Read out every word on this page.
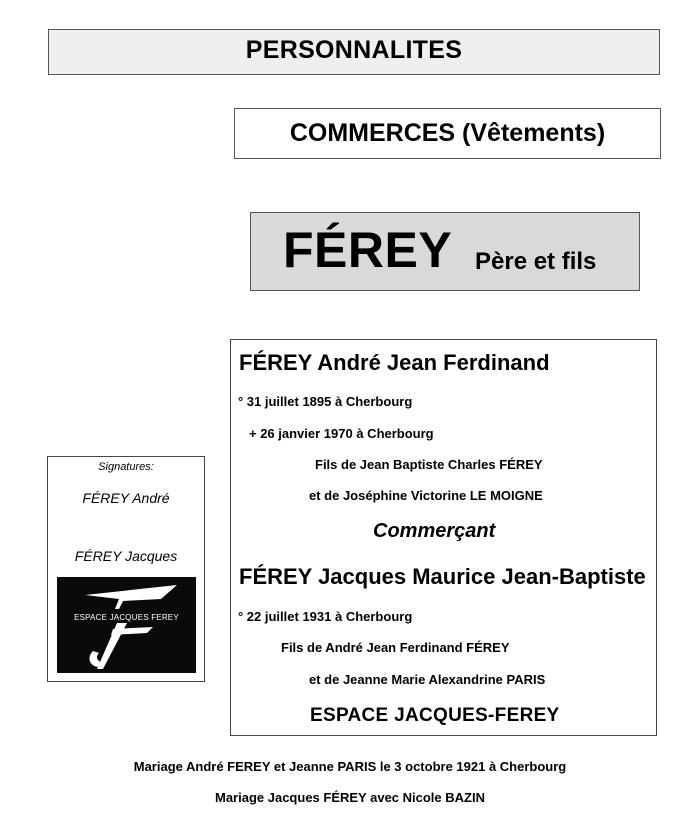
PERSONNALITES
COMMERCES (Vêtements)
FÉREY Père et fils
Signatures:
FÉREY André
FÉREY Jacques
ESPACE JACQUES FEREY
FÉREY André Jean Ferdinand
° 31 juillet 1895 à Cherbourg
+ 26 janvier 1970 à Cherbourg
Fils de Jean Baptiste Charles FÉREY
et de Joséphine Victorine LE MOIGNE
Commerçant
FÉREY Jacques Maurice Jean-Baptiste
° 22 juillet 1931 à Cherbourg
Fils de André Jean Ferdinand FÉREY
et de Jeanne Marie Alexandrine PARIS
ESPACE JACQUES-FEREY
Mariage André FEREY et Jeanne PARIS le 3 octobre 1921 à Cherbourg
Mariage Jacques FÉREY avec Nicole BAZIN
